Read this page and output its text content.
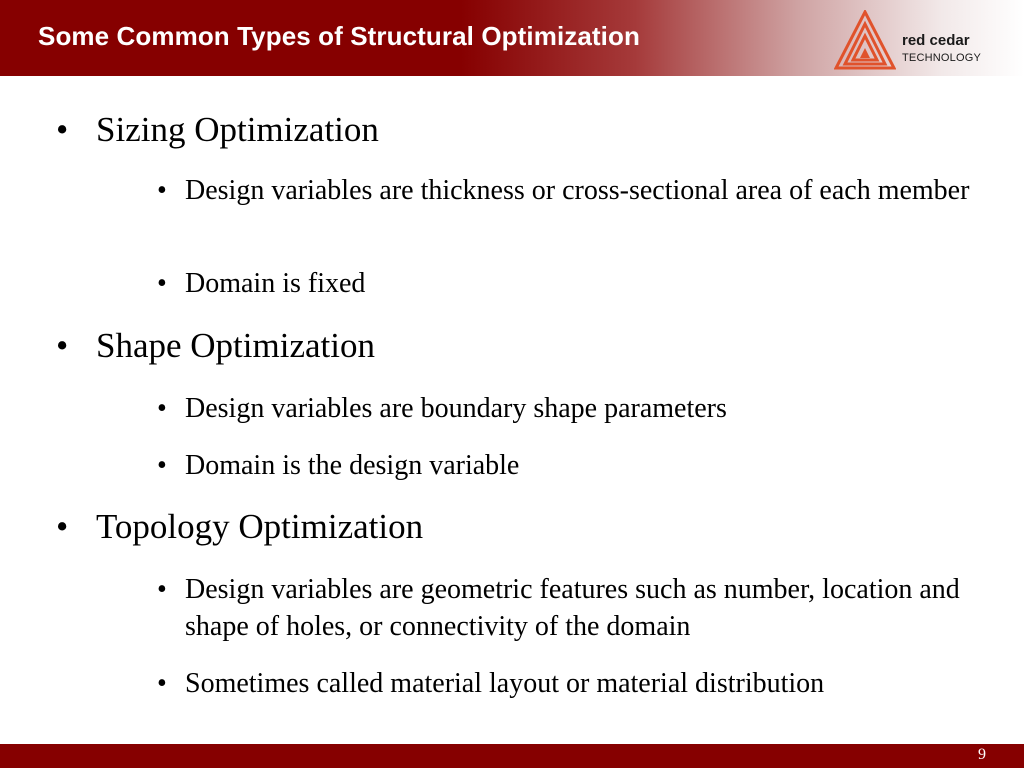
Some Common Types of Structural Optimization	red cedar
TECHNOLOGY
• Sizing Optimization
• Design variables are thickness or cross-sectional area of each member
• Domain is fixed
• Shape Optimization
• Design variables are boundary shape parameters
• Domain is the design variable
• Topology Optimization
• Design variables are geometric features such as number, location and shape of holes, or connectivity of the domain
• Sometimes called material layout or material distribution
9
